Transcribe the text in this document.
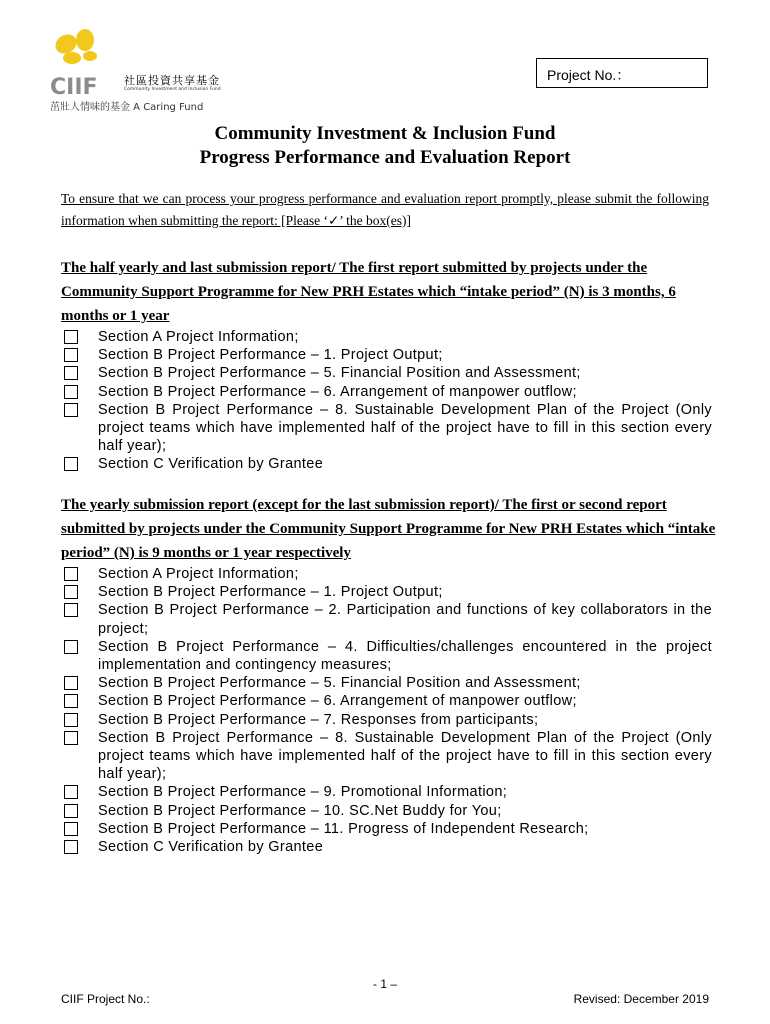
CIIF 社區投資共享基金
Community Investment and Inclusion Fund
茁壯人情味的基金 A Caring Fund
Project No.：
Community Investment & Inclusion Fund
Progress Performance and Evaluation Report
To ensure that we can process your progress performance and evaluation report promptly, please submit the following information when submitting the report: [Please ‘✓’ the box(es)]
The half yearly and last submission report/ The first report submitted by projects under the Community Support Programme for New PRH Estates which “intake period” (N) is 3 months, 6 months or 1 year
Section A Project Information;
Section B Project Performance – 1. Project Output;
Section B Project Performance – 5. Financial Position and Assessment;
Section B Project Performance – 6. Arrangement of manpower outflow;
Section B Project Performance – 8. Sustainable Development Plan of the Project (Only project teams which have implemented half of the project have to fill in this section every half year);
Section C Verification by Grantee
The yearly submission report (except for the last submission report)/ The first or second report submitted by projects under the Community Support Programme for New PRH Estates which “intake period” (N) is 9 months or 1 year respectively
Section A Project Information;
Section B Project Performance – 1. Project Output;
Section B Project Performance – 2. Participation and functions of key collaborators in the project;
Section B Project Performance – 4. Difficulties/challenges encountered in the project implementation and contingency measures;
Section B Project Performance – 5. Financial Position and Assessment;
Section B Project Performance – 6. Arrangement of manpower outflow;
Section B Project Performance – 7. Responses from participants;
Section B Project Performance – 8. Sustainable Development Plan of the Project (Only project teams which have implemented half of the project have to fill in this section every half year);
Section B Project Performance – 9. Promotional Information;
Section B Project Performance – 10. SC.Net Buddy for You;
Section B Project Performance – 11. Progress of Independent Research;
Section C Verification by Grantee
- 1 –
CIIF Project No.:	Revised: December 2019
